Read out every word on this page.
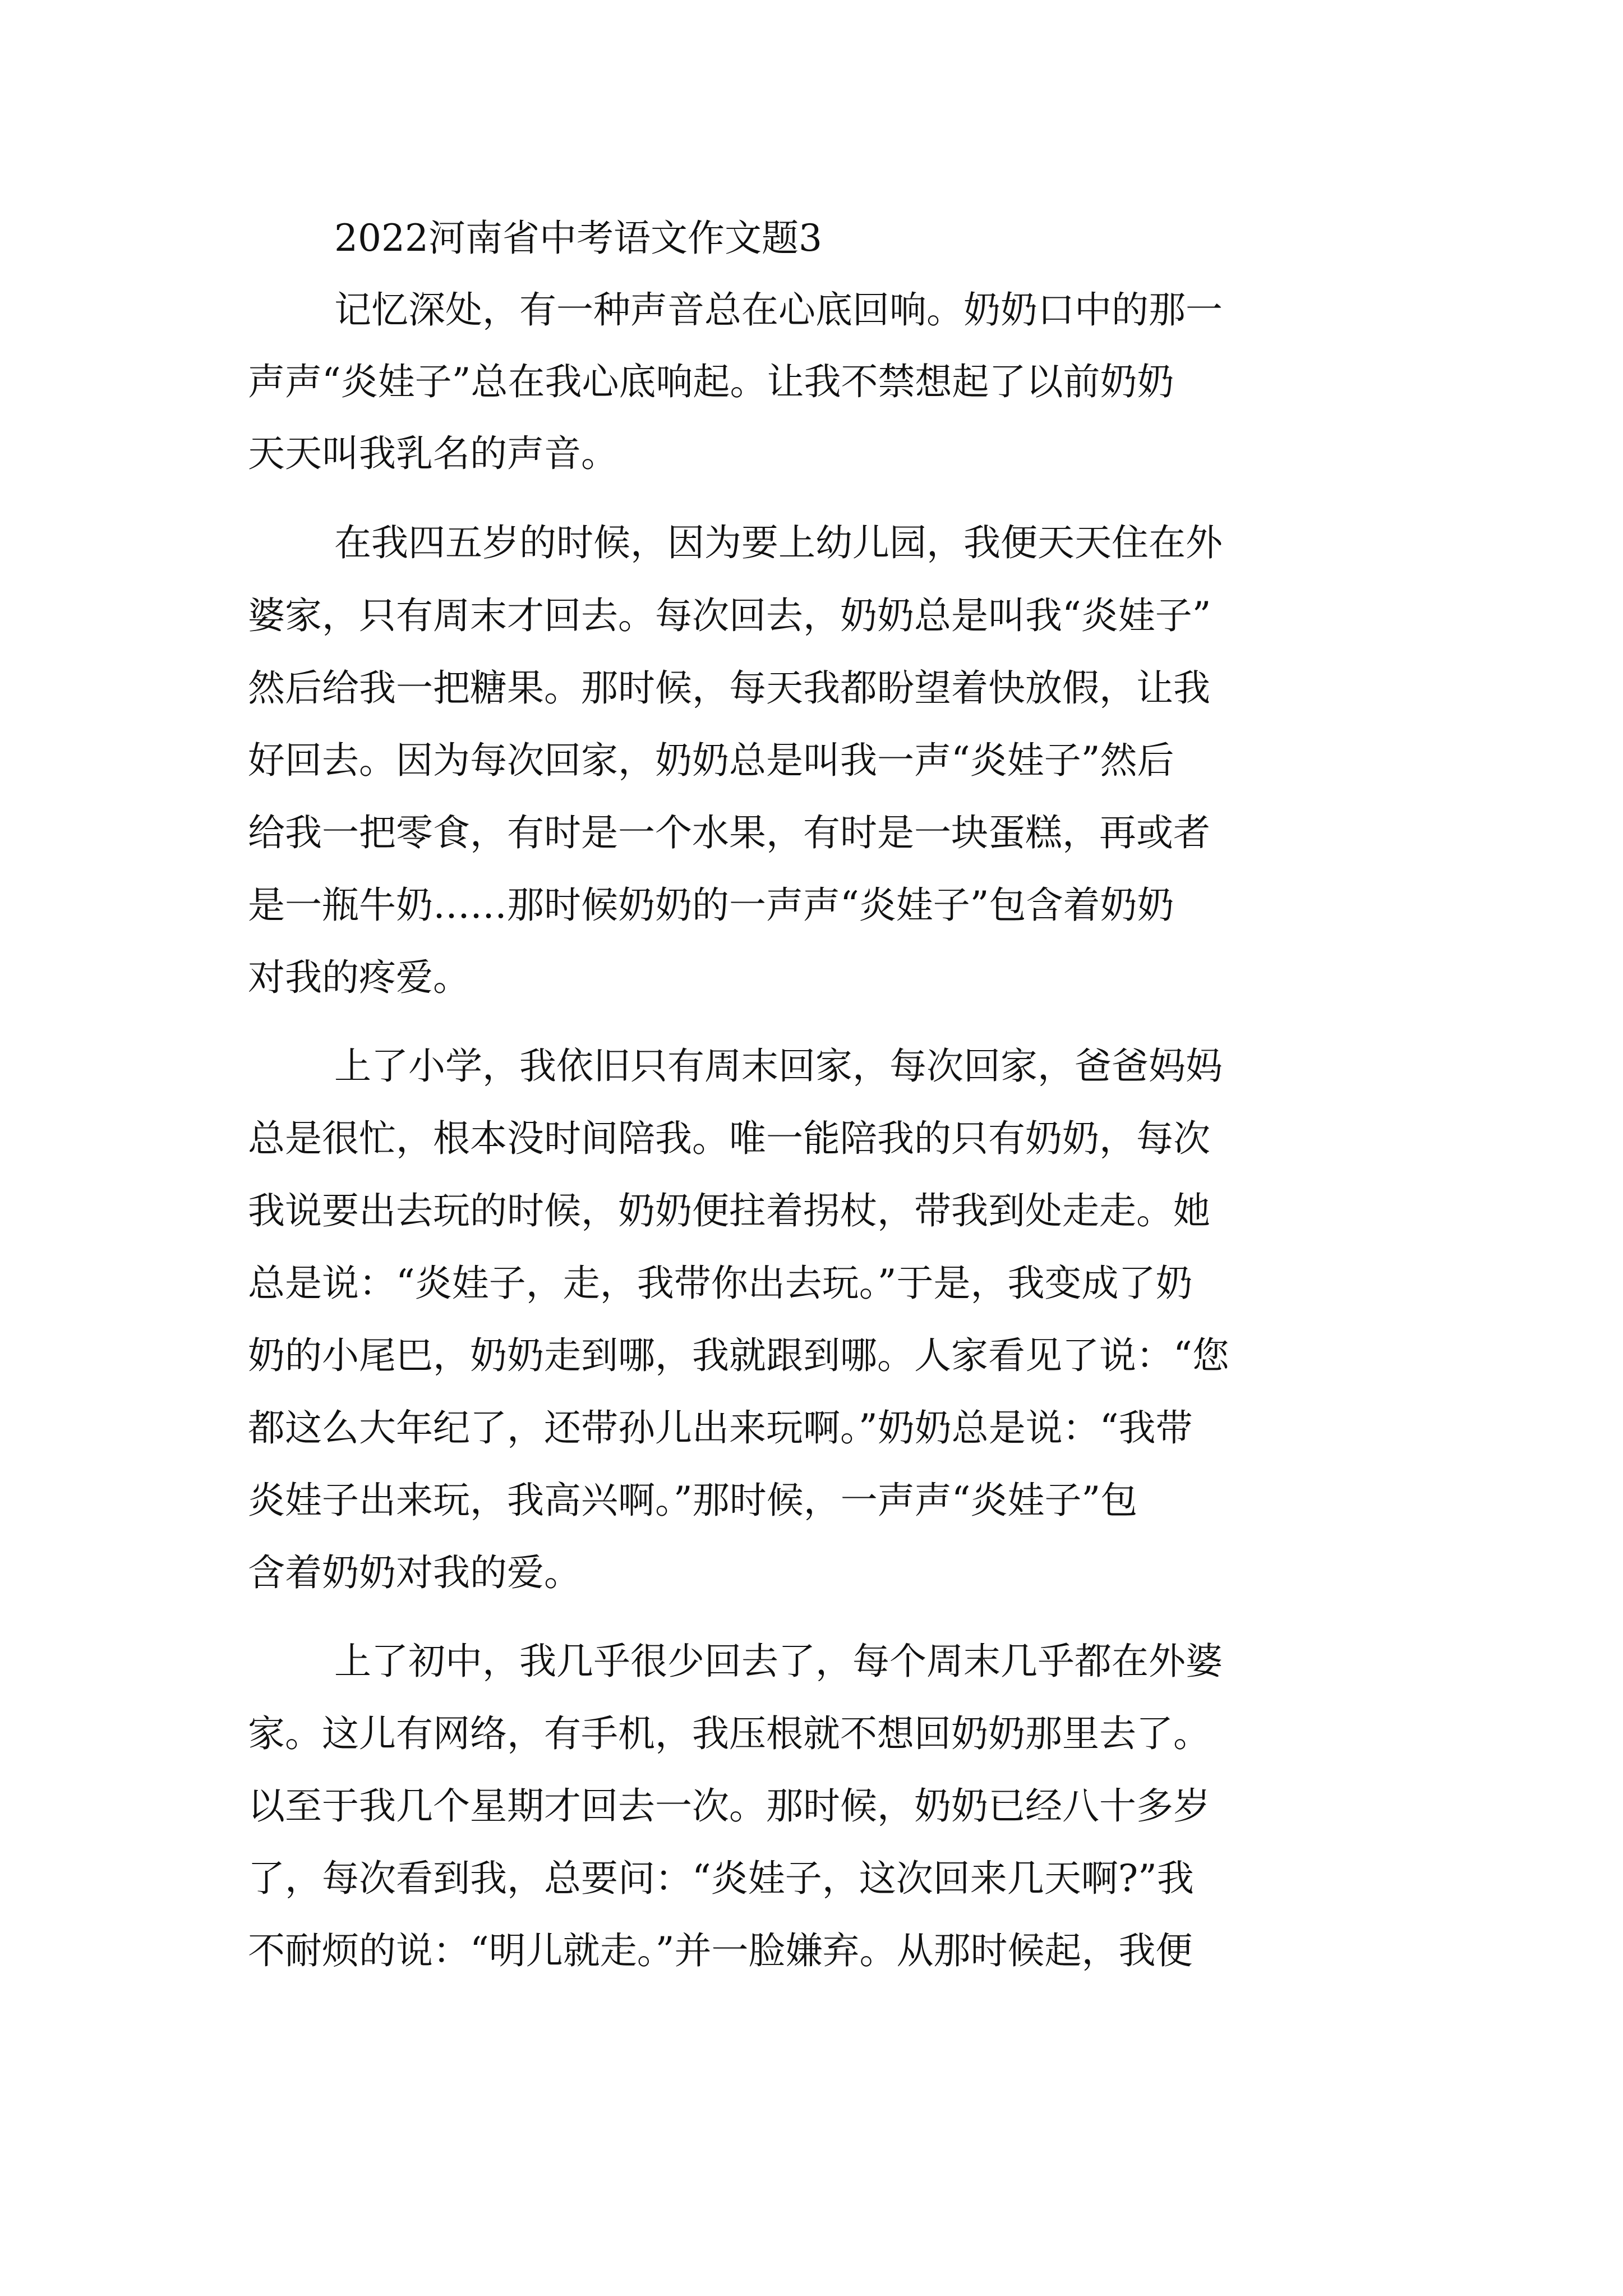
2022河南省中考语文作文题3

记忆深处，有一种声音总在心底回响。奶奶口中的那一

声声“炎娃子”总在我心底响起。让我不禁想起了以前奶奶

天天叫我乳名的声音。

在我四五岁的时候，因为要上幼儿园，我便天天住在外

婆家，只有周末才回去。每次回去，奶奶总是叫我“炎娃子”

然后给我一把糖果。那时候，每天我都盼望着快放假，让我

好回去。因为每次回家，奶奶总是叫我一声“炎娃子”然后

给我一把零食，有时是一个水果，有时是一块蛋糕，再或者

是一瓶牛奶……那时候奶奶的一声声“炎娃子”包含着奶奶

对我的疼爱。

上了小学，我依旧只有周末回家，每次回家，爸爸妈妈

总是很忙，根本没时间陪我。唯一能陪我的只有奶奶，每次

我说要出去玩的时候，奶奶便拄着拐杖，带我到处走走。她

总是说：“炎娃子，走，我带你出去玩。”于是，我变成了奶

奶的小尾巴，奶奶走到哪，我就跟到哪。人家看见了说：“您

都这么大年纪了，还带孙儿出来玩啊。”奶奶总是说：“我带

炎娃子出来玩，我高兴啊。”那时候，一声声“炎娃子”包

含着奶奶对我的爱。

上了初中，我几乎很少回去了，每个周末几乎都在外婆

家。这儿有网络，有手机，我压根就不想回奶奶那里去了。

以至于我几个星期才回去一次。那时候，奶奶已经八十多岁

了，每次看到我，总要问：“炎娃子，这次回来几天啊?”我

不耐烦的说：“明儿就走。”并一脸嫌弃。从那时候起，我便
